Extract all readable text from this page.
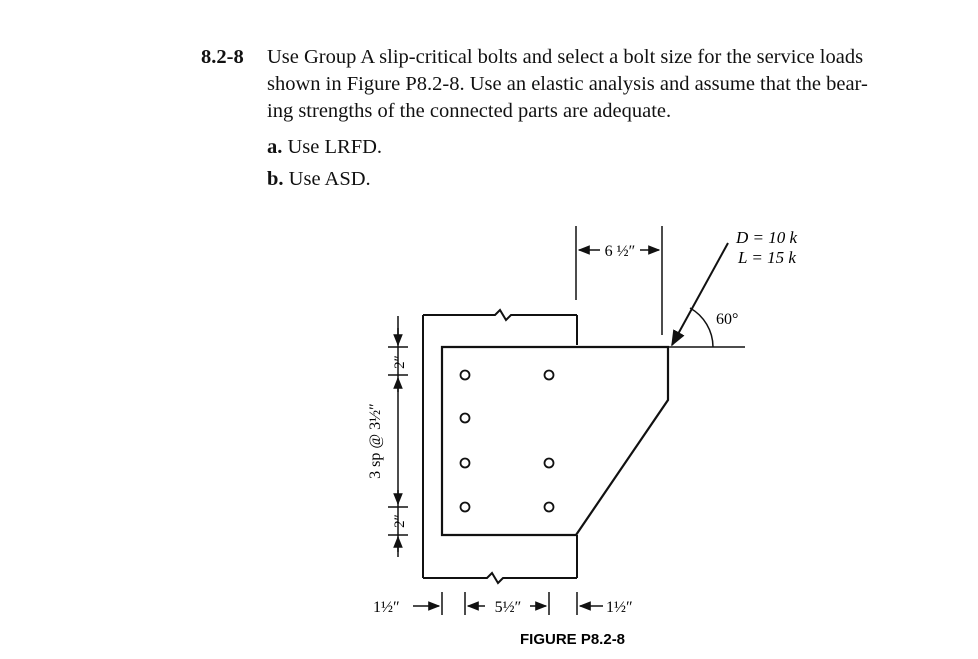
8.2-8 Use Group A slip-critical bolts and select a bolt size for the service loads
shown in Figure P8.2-8. Use an elastic analysis and assume that the bear-
ing strengths of the connected parts are adequate.
a. Use LRFD.
b. Use ASD.
60°
D = 10 k
L = 15 k
6 ½″
2″
2″
3 sp @ 3½″
1½″	5½″	1½″
FIGURE P8.2-8
